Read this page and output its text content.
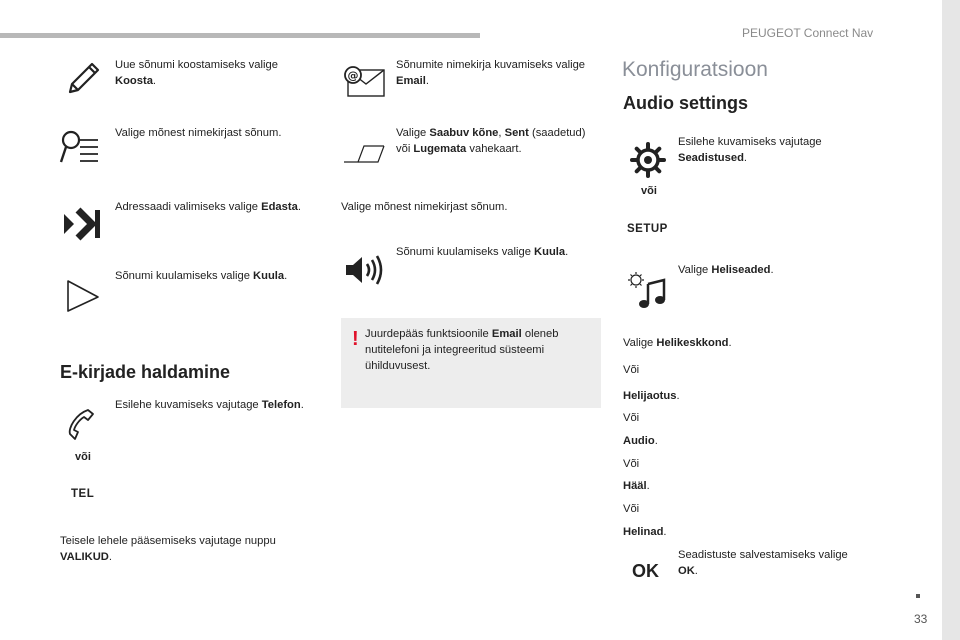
PEUGEOT Connect Nav
33
Uue sõnumi koostamiseks valige Koosta.
Valige mõnest nimekirjast sõnum.
Adressaadi valimiseks valige Edasta.
Sõnumi kuulamiseks valige Kuula.
E-kirjade haldamine
Esilehe kuvamiseks vajutage Telefon.
või
TEL
Teisele lehele pääsemiseks vajutage nuppu VALIKUD.
@
Sõnumite nimekirja kuvamiseks valige Email.
Valige Saabuv kõne, Sent (saadetud) või Lugemata vahekaart.
Valige mõnest nimekirjast sõnum.
Sõnumi kuulamiseks valige Kuula.
! Juurdepääs funktsioonile Email oleneb nutitelefoni ja integreeritud süsteemi ühilduvusest.
Konfiguratsioon
Audio settings
Esilehe kuvamiseks vajutage Seadistused.
või
SETUP
Valige Heliseaded.
Valige Helikeskkond.
Või
Helijaotus.
Või
Audio.
Või
Hääl.
Või
Helinad.
OK
Seadistuste salvestamiseks valige OK.
